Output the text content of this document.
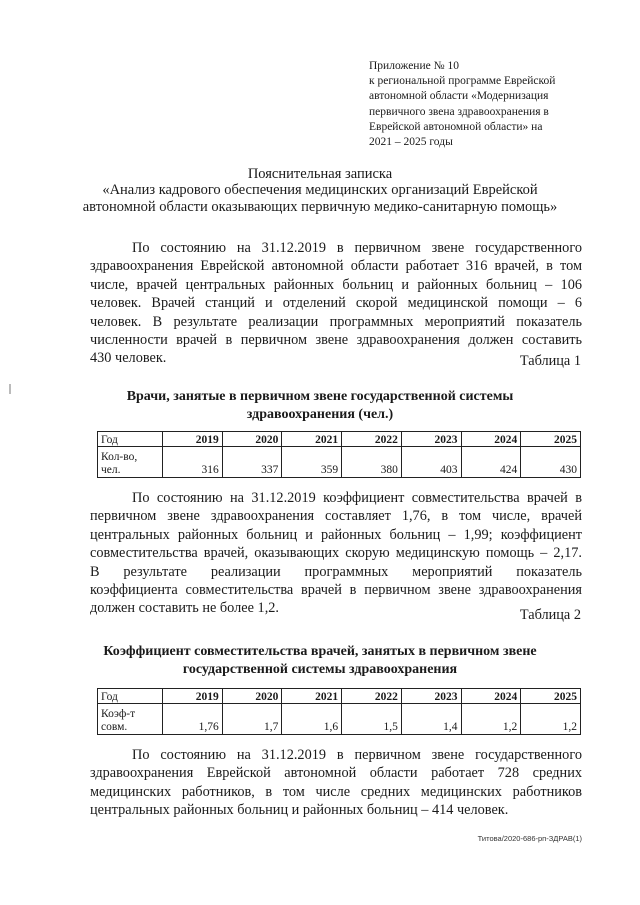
Приложение № 10
к региональной программе Еврейской
автономной области «Модернизация
первичного звена здравоохранения в
Еврейской автономной области» на
2021 – 2025 годы
Пояснительная записка
«Анализ кадрового обеспечения медицинских организаций Еврейской
автономной области оказывающих первичную медико-санитарную помощь»
По состоянию на 31.12.2019 в первичном звене государственного
здравоохранения Еврейской автономной области работает 316 врачей, в том
числе, врачей центральных районных больниц и районных больниц – 106
человек. Врачей станций и отделений скорой медицинской помощи – 6
человек. В результате реализации программных мероприятий показатель
численности врачей в первичном звене здравоохранения должен составить
430 человек.	Таблица 1
Врачи, занятые в первичном звене государственной системы
здравоохранения (чел.)
Год	2019	2020	2021	2022	2023	2024	2025

Кол-во,
чел.	316	337	359	380	403	424	430
По состоянию на 31.12.2019 коэффициент совместительства врачей в
первичном звене здравоохранения составляет 1,76, в том числе, врачей
центральных районных больниц и районных больниц – 1,99; коэффициент
совместительства врачей, оказывающих скорую медицинскую помощь – 2,17.
В результате реализации программных мероприятий показатель
коэффициента совместительства врачей в первичном звене здравоохранения
должен составить не более 1,2.	Таблица 2
Коэффициент совместительства врачей, занятых в первичном звене
государственной системы здравоохранения
Год	2019	2020	2021	2022	2023	2024	2025

Коэф-т
совм.	1,76	1,7	1,6	1,5	1,4	1,2	1,2
По состоянию на 31.12.2019 в первичном звене государственного
здравоохранения Еврейской автономной области работает 728 средних
медицинских работников, в том числе средних медицинских работников
центральных районных больниц и районных больниц – 414 человек.
Титова/2020-686-рп-ЗДРАВ(1)
